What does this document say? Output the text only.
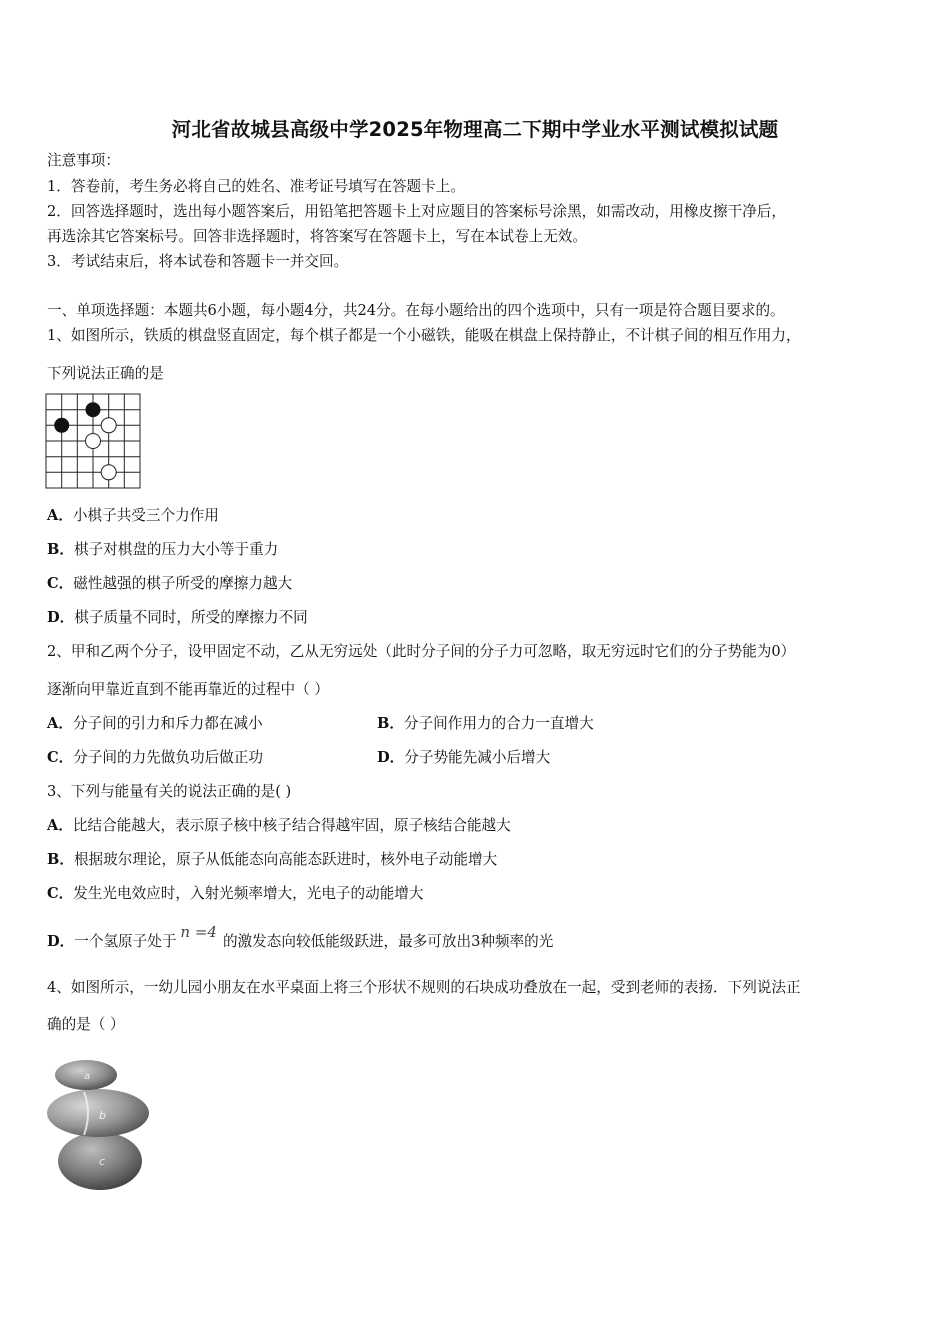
河北省故城县高级中学2025年物理高二下期中学业水平测试模拟试题
注意事项：
1．答卷前，考生务必将自己的姓名、准考证号填写在答题卡上。
2．回答选择题时，选出每小题答案后，用铅笔把答题卡上对应题目的答案标号涂黑，如需改动，用橡皮擦干净后，
再选涂其它答案标号。回答非选择题时，将答案写在答题卡上，写在本试卷上无效。
3．考试结束后，将本试卷和答题卡一并交回。
一、单项选择题：本题共6小题，每小题4分，共24分。在每小题给出的四个选项中，只有一项是符合题目要求的。
1、如图所示，铁质的棋盘竖直固定，每个棋子都是一个小磁铁，能吸在棋盘上保持静止，不计棋子间的相互作用力，
下列说法正确的是
A．小棋子共受三个力作用
B．棋子对棋盘的压力大小等于重力
C．磁性越强的棋子所受的摩擦力越大
D．棋子质量不同时，所受的摩擦力不同
2、甲和乙两个分子，设甲固定不动，乙从无穷远处（此时分子间的分子力可忽略，取无穷远时它们的分子势能为0）
逐渐向甲靠近直到不能再靠近的过程中（ ）
A．分子间的引力和斥力都在减小	B．分子间作用力的合力一直增大
C．分子间的力先做负功后做正功	D．分子势能先减小后增大
3、下列与能量有关的说法正确的是( )
A．比结合能越大，表示原子核中核子结合得越牢固，原子核结合能越大
B．根据玻尔理论，原子从低能态向高能态跃进时，核外电子动能增大
C．发生光电效应时，入射光频率增大，光电子的动能增大
D．一个氢原子处于n =4的激发态向较低能级跃进，最多可放出3种频率的光
4、如图所示，一幼儿园小朋友在水平桌面上将三个形状不规则的石块成功叠放在一起，受到老师的表扬．下列说法正
确的是（ ）
a
b
c
